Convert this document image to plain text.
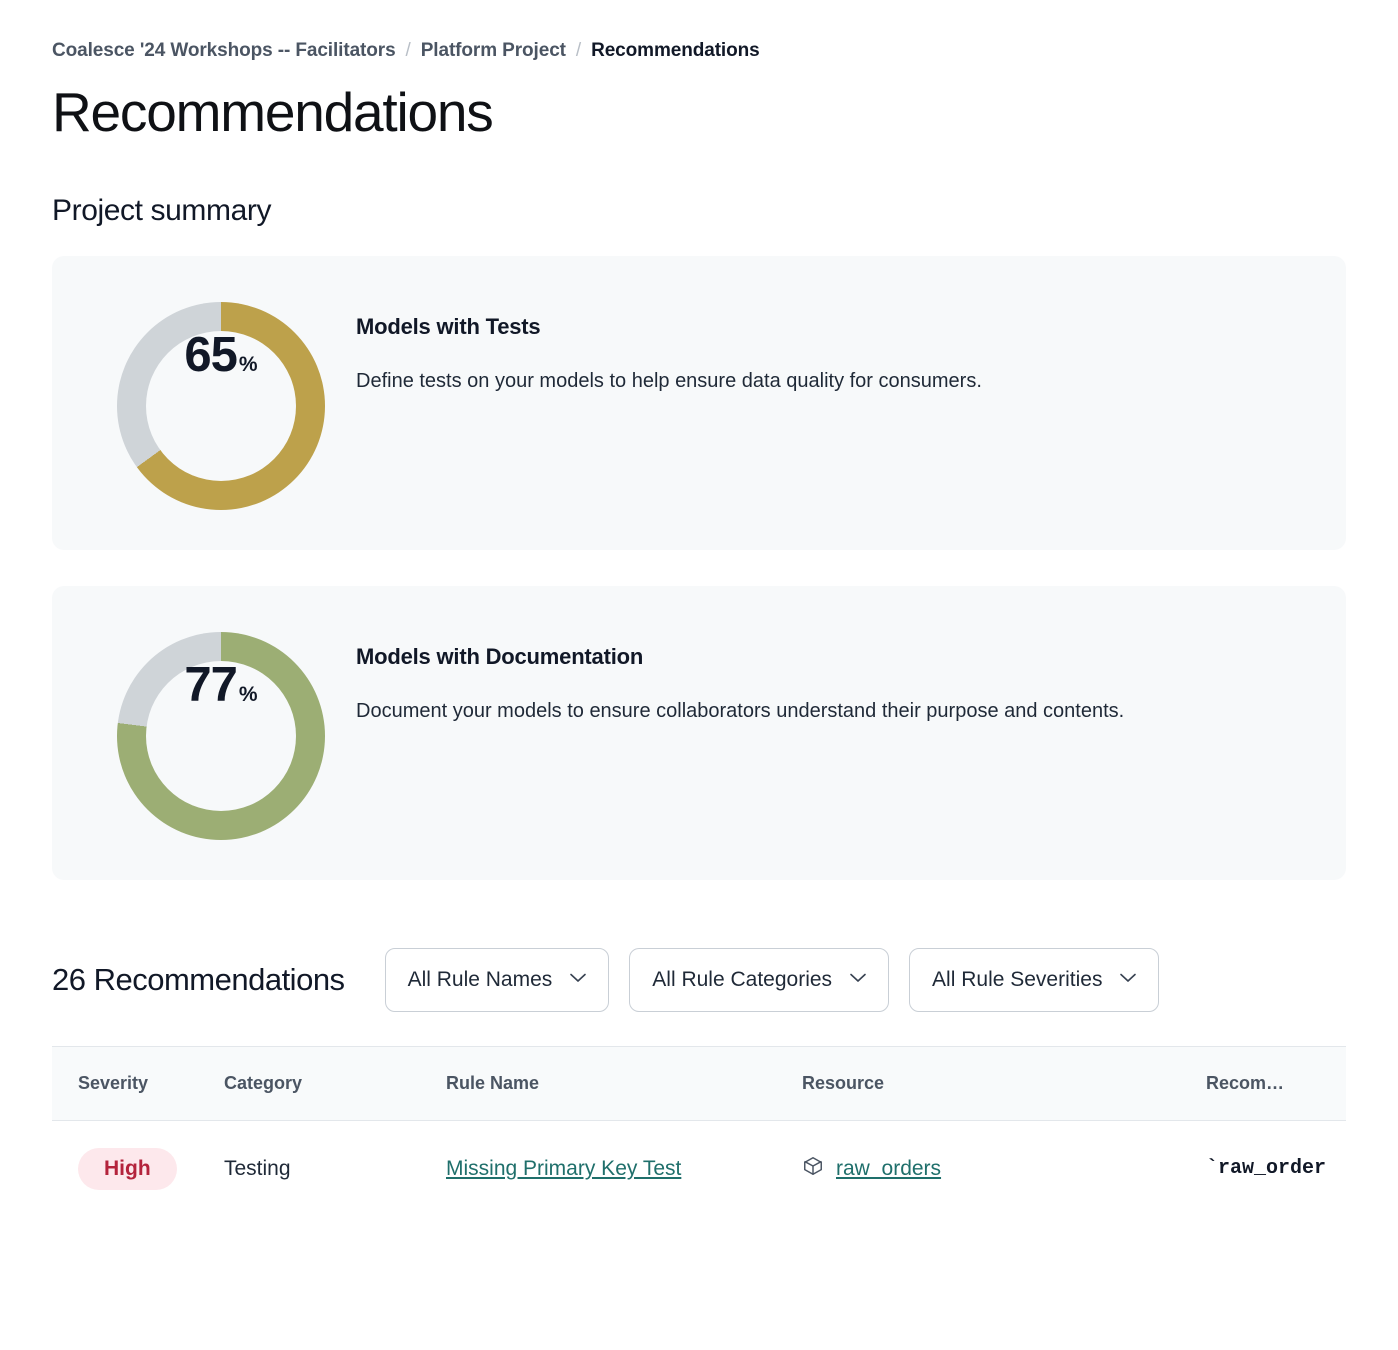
Coalesce '24 Workshops -- Facilitators / Platform Project / Recommendations
Recommendations
Project summary
65 %
Models with Tests

Define tests on your models to help ensure data quality for consumers.

77 %
Models with Documentation

Document your models to ensure collaborators understand their purpose and contents.

26 Recommendations	All Rule Names	All Rule Categories	All Rule Severities
Severity	Category	Rule Name	Resource	Recom…
High	Testing	Missing Primary Key Test	raw_orders	`raw_order
